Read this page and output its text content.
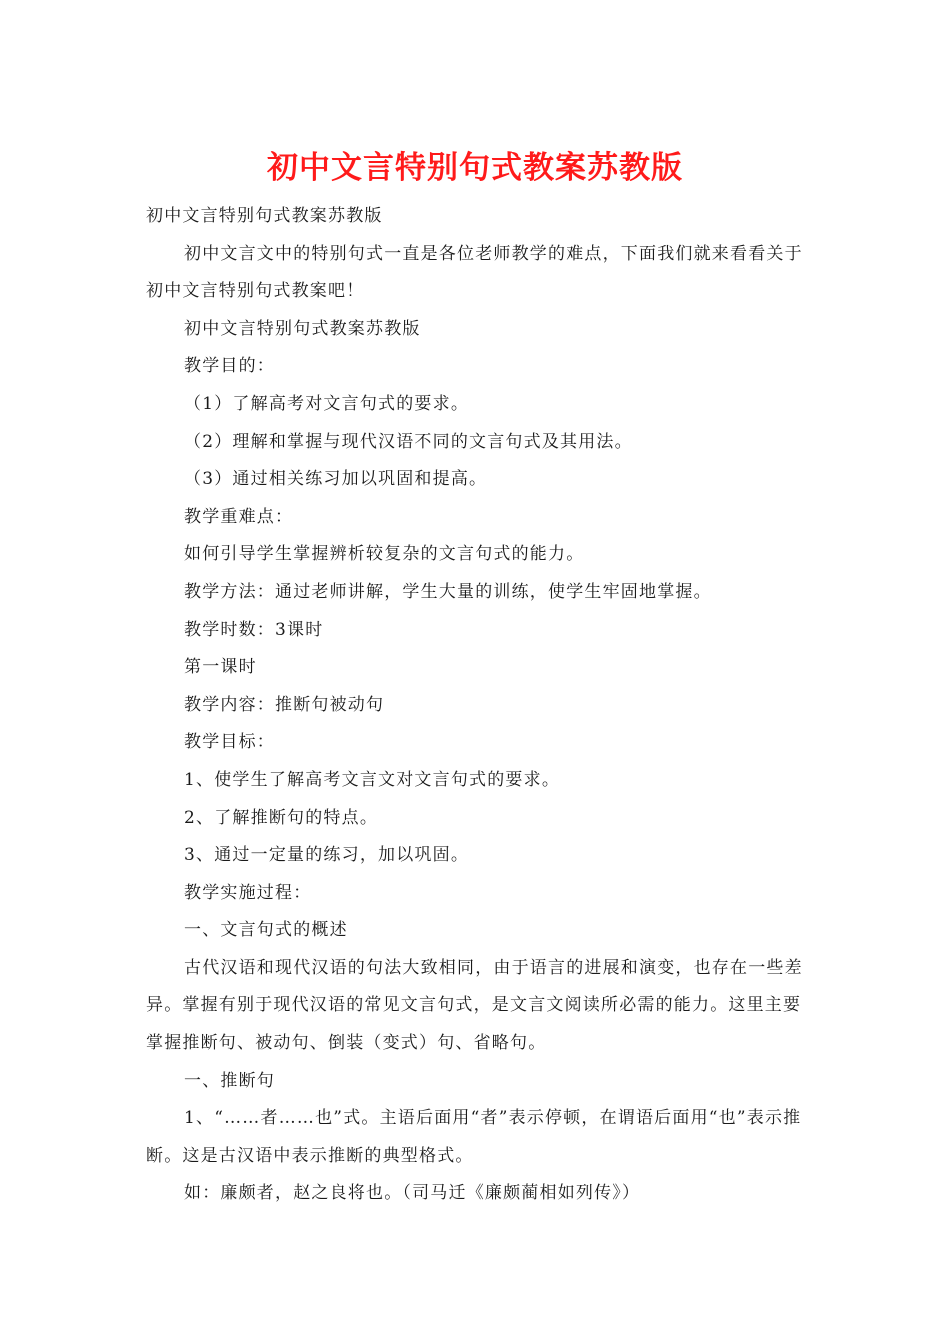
初中文言特别句式教案苏教版

初中文言特别句式教案苏教版

初中文言文中的特别句式一直是各位老师教学的难点，下面我们就来看看关于初中文言特别句式教案吧！

初中文言特别句式教案苏教版

教学目的：

（1）了解高考对文言句式的要求。

（2）理解和掌握与现代汉语不同的文言句式及其用法。

（3）通过相关练习加以巩固和提高。

教学重难点：

如何引导学生掌握辨析较复杂的文言句式的能力。

教学方法：通过老师讲解，学生大量的训练，使学生牢固地掌握。

教学时数：3课时

第一课时

教学内容：推断句被动句

教学目标：

1、使学生了解高考文言文对文言句式的要求。

2、了解推断句的特点。

3、通过一定量的练习，加以巩固。

教学实施过程：

一、文言句式的概述

古代汉语和现代汉语的句法大致相同，由于语言的进展和演变，也存在一些差异。掌握有别于现代汉语的常见文言句式，是文言文阅读所必需的能力。这里主要掌握推断句、被动句、倒装（变式）句、省略句。

一、推断句

1、“……者……也”式。主语后面用“者”表示停顿，在谓语后面用“也”表示推断。这是古汉语中表示推断的典型格式。

如：廉颇者，赵之良将也。（司马迁《廉颇蔺相如列传》）
